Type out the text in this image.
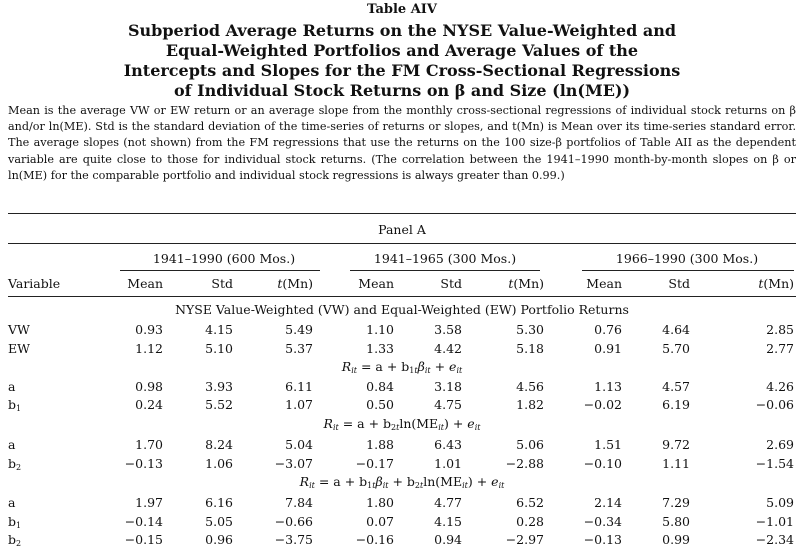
Table AIV
Subperiod Average Returns on the NYSE Value-Weighted and
Equal-Weighted Portfolios and Average Values of the
Intercepts and Slopes for the FM Cross-Sectional Regressions
of Individual Stock Returns on β and Size (ln(ME))
Mean is the average VW or EW return or an average slope from the monthly cross-sectional regressions of individual stock returns on β and/or ln(ME). Std is the standard deviation of the time-series of returns or slopes, and t(Mn) is Mean over its time-series standard error. The average slopes (not shown) from the FM regressions that use the returns on the 100 size-β portfolios of Table AII as the dependent variable are quite close to those for individual stock returns. (The correlation between the 1941–1990 month-by-month slopes on β or ln(ME) for the comparable portfolio and individual stock regressions is always greater than 0.99.)
Panel A
1941–1990 (600 Mos.)	1941–1965 (300 Mos.)	1966–1990 (300 Mos.)
Variable	Mean	Std	t(Mn)	Mean	Std	t(Mn)	Mean	Std	t(Mn)
NYSE Value-Weighted (VW) and Equal-Weighted (EW) Portfolio Returns
$R_{it} = a + b_{1t}\beta_{it} + e_{it}$
$R_{it} = a + b_{2t}\ln(ME_{it}) + e_{it}$
$R_{it} = a + b_{1t}\beta_{it} + b_{2t}\ln(ME_{it}) + e_{it}$
VW	0.93	4.15	5.49	1.10	3.58	5.30	0.76	4.64	2.85
EW	1.12	5.10	5.37	1.33	4.42	5.18	0.91	5.70	2.77
a	0.98	3.93	6.11	0.84	3.18	4.56	1.13	4.57	4.26
$b_1$	0.24	5.52	1.07	0.50	4.75	1.82	−0.02	6.19	−0.06
a	1.70	8.24	5.04	1.88	6.43	5.06	1.51	9.72	2.69
$b_2$	−0.13	1.06	−3.07	−0.17	1.01	−2.88	−0.10	1.11	−1.54
a	1.97	6.16	7.84	1.80	4.77	6.52	2.14	7.29	5.09
$b_1$	−0.14	5.05	−0.66	0.07	4.15	0.28	−0.34	5.80	−1.01
$b_2$	−0.15	0.96	−3.75	−0.16	0.94	−2.97	−0.13	0.99	−2.34
